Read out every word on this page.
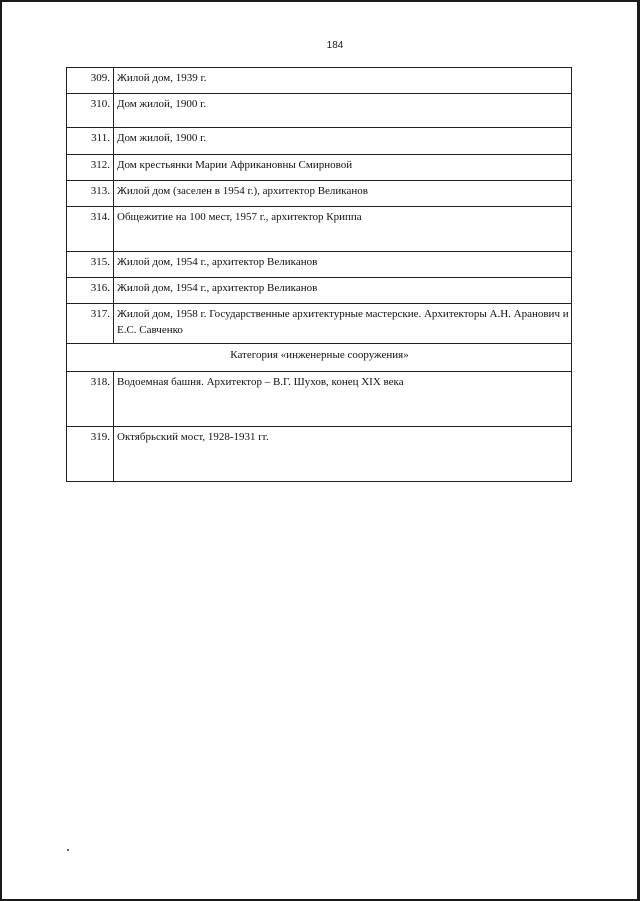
184
309.	Жилой дом, 1939 г.
310.	Дом жилой, 1900 г.
311.	Дом жилой, 1900 г.
312.	Дом крестьянки Марии Африкановны Смирновой
313.	Жилой дом (заселен в 1954 г.), архитектор Великанов
314.	Общежитие на 100 мест, 1957 г., архитектор Криппа
315.	Жилой дом, 1954 г., архитектор Великанов
316.	Жилой дом, 1954 г., архитектор Великанов
317.	Жилой дом, 1958 г. Государственные архитектурные мастерские. Архитекторы А.Н. Аранович и Е.С. Савченко
Категория «инженерные сооружения»	
318.	Водоемная башня. Архитектор – В.Г. Шухов, конец XIX века
319.	Октябрьский мост, 1928-1931 гг.
